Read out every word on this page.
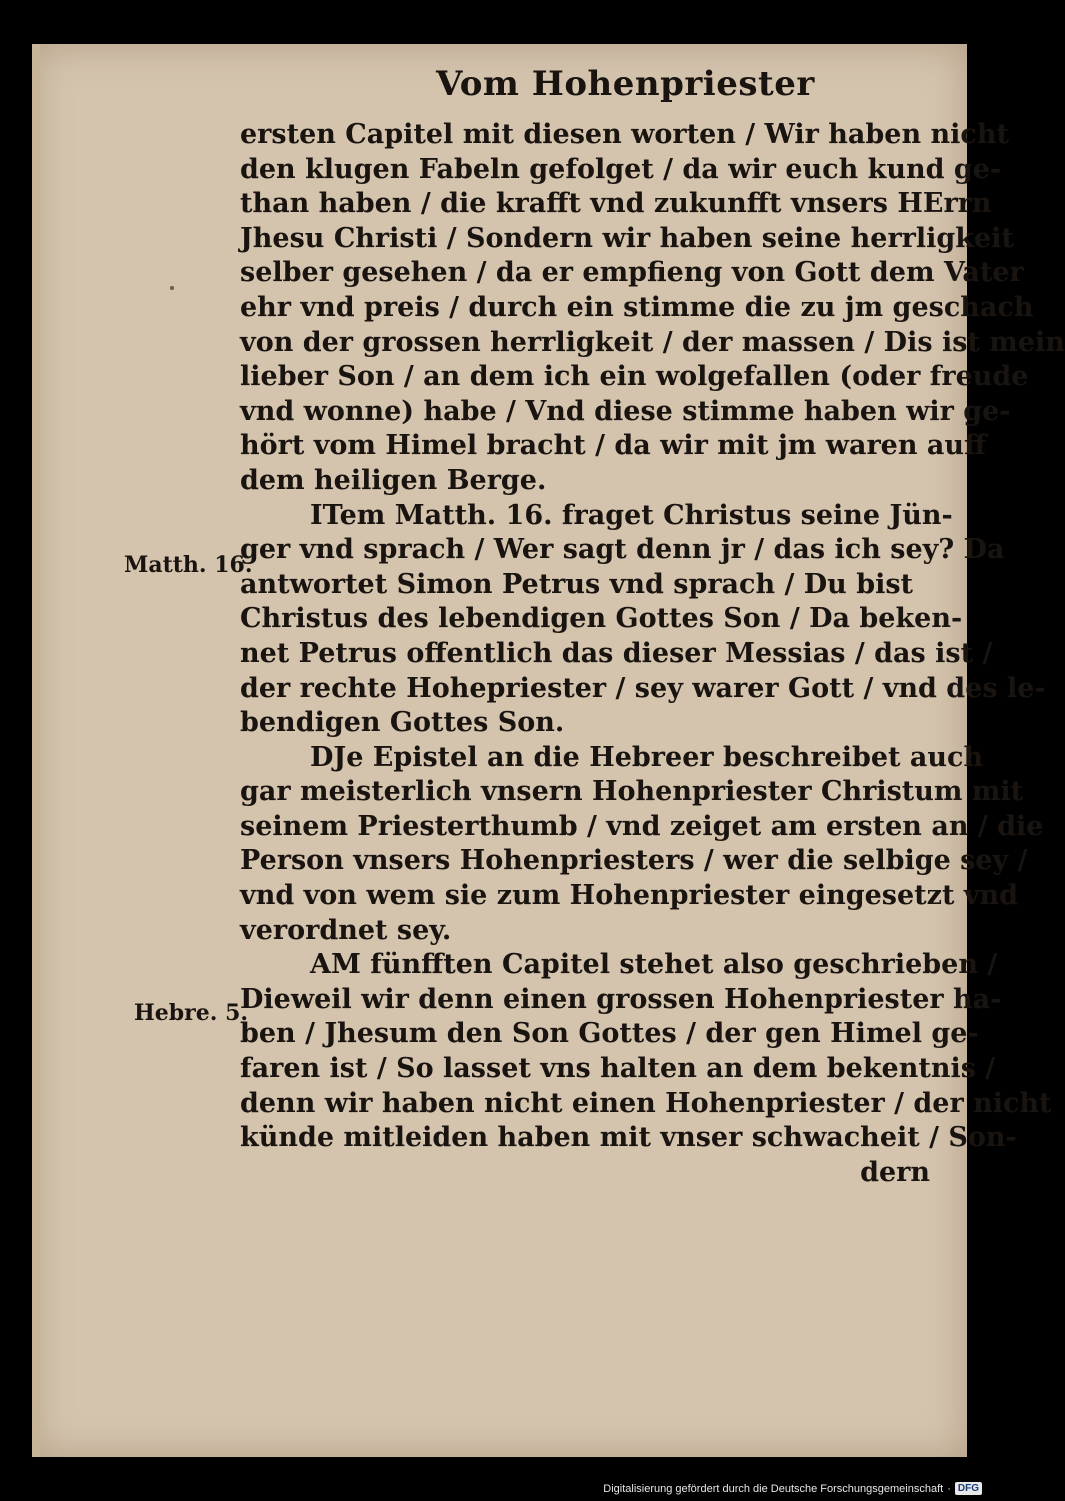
Vom Hohenpriester
Matth. 16.
Hebre. 5.
ersten Capitel mit diesen worten / Wir haben nicht
den klugen Fabeln gefolget / da wir euch kund ge-
than haben / die krafft vnd zukunfft vnsers HErrn
Jhesu Christi / Sondern wir haben seine herrligkeit
selber gesehen / da er empfieng von Gott dem Vater
ehr vnd preis / durch ein stimme die zu jm geschach
von der grossen herrligkeit / der massen / Dis ist mein
lieber Son / an dem ich ein wolgefallen (oder freude
vnd wonne) habe / Vnd diese stimme haben wir ge-
hört vom Himel bracht / da wir mit jm waren auff
dem heiligen Berge.
ITem Matth. 16. fraget Christus seine Jün-
ger vnd sprach / Wer sagt denn jr / das ich sey? Da
antwortet Simon Petrus vnd sprach / Du bist
Christus des lebendigen Gottes Son / Da beken-
net Petrus offentlich das dieser Messias / das ist /
der rechte Hohepriester / sey warer Gott / vnd des le-
bendigen Gottes Son.
DJe Epistel an die Hebreer beschreibet auch
gar meisterlich vnsern Hohenpriester Christum mit
seinem Priesterthumb / vnd zeiget am ersten an / die
Person vnsers Hohenpriesters / wer die selbige sey /
vnd von wem sie zum Hohenpriester eingesetzt vnd
verordnet sey.
AM fünfften Capitel stehet also geschrieben /
Dieweil wir denn einen grossen Hohenpriester ha-
ben / Jhesum den Son Gottes / der gen Himel ge-
faren ist / So lasset vns halten an dem bekentnis /
denn wir haben nicht einen Hohenpriester / der nicht
künde mitleiden haben mit vnser schwacheit / Son-
dern
Digitalisierung gefördert durch die Deutsche Forschungsgemeinschaft · DFG
